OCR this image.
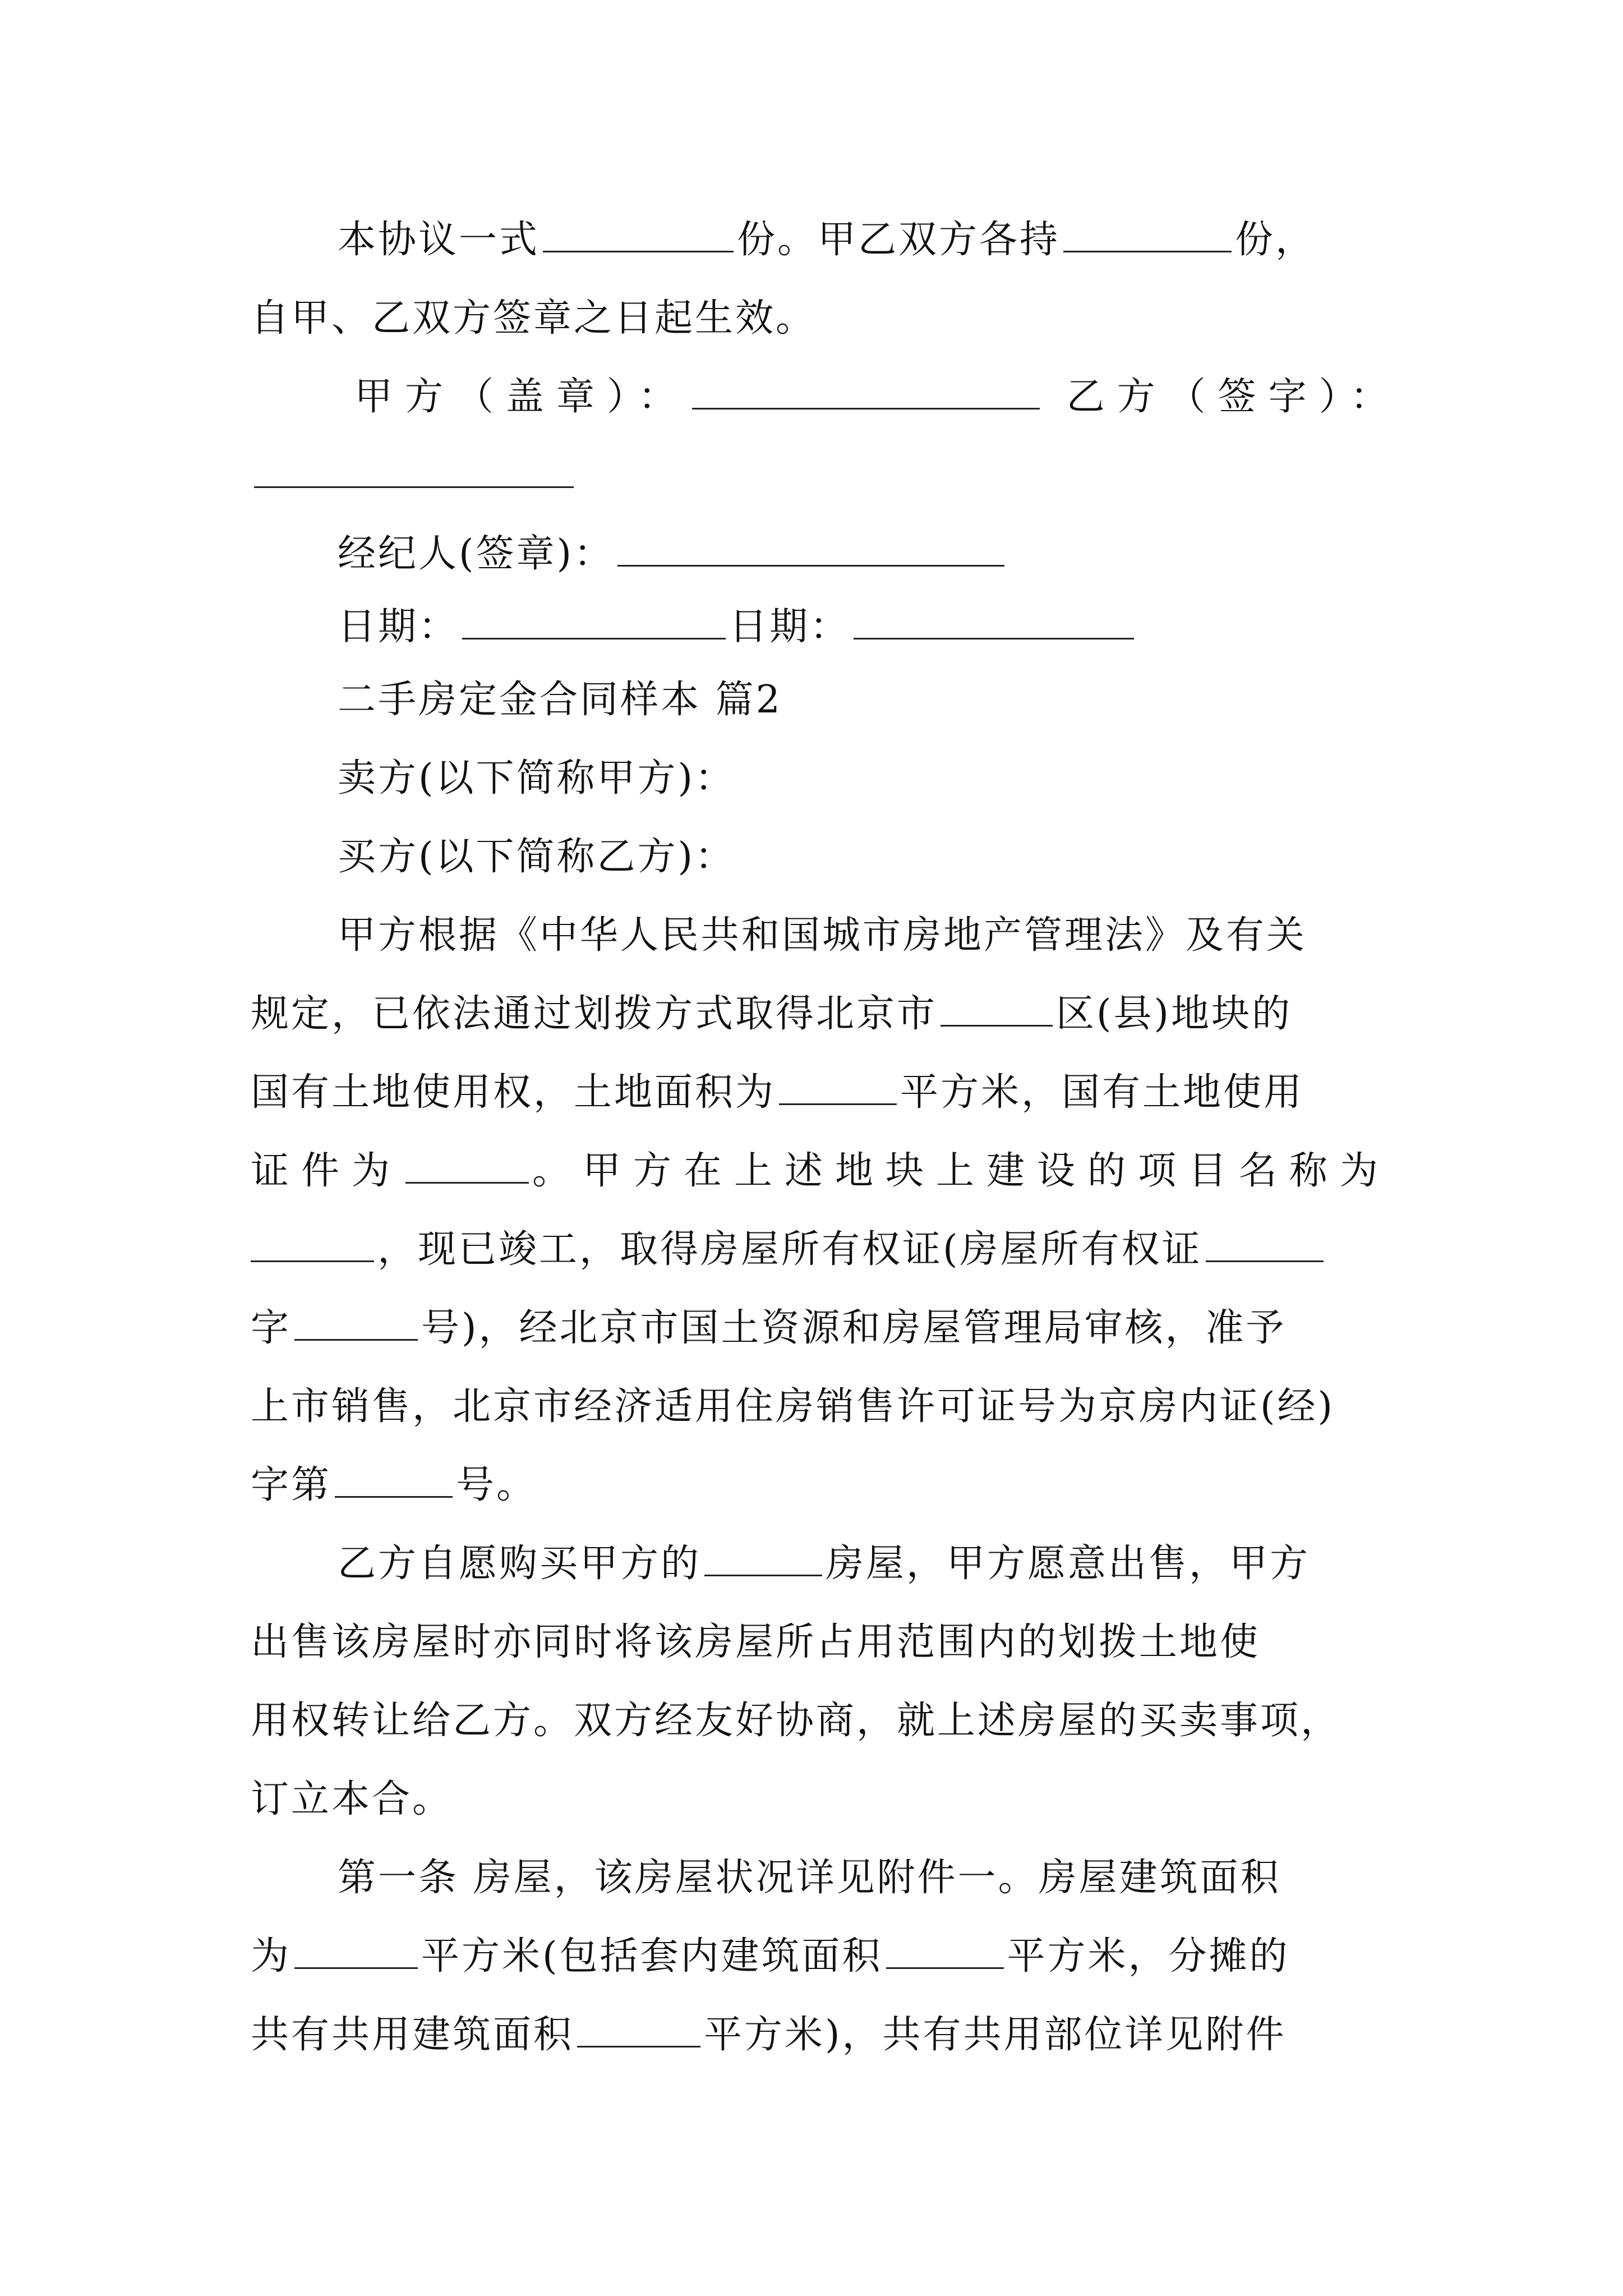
本协议一式	份。甲乙双方各持	份，
自甲、乙双方签章之日起生效。
甲方（盖章）：	乙方（签字）：
经纪人(签章)：
日期：	日期：
二手房定金合同样本 篇2
卖方(以下简称甲方)：
买方(以下简称乙方)：
甲方根据《中华人民共和国城市房地产管理法》及有关
规定，已依法通过划拨方式取得北京市	区(县)地块的
国有土地使用权，土地面积为	平方米，国有土地使用
证件为	。甲方在上述地块上建设的项目名称为
，现已竣工，取得房屋所有权证(房屋所有权证
字	号)，经北京市国土资源和房屋管理局审核，准予
上市销售，北京市经济适用住房销售许可证号为京房内证(经)
字第	号。
乙方自愿购买甲方的	房屋，甲方愿意出售，甲方
出售该房屋时亦同时将该房屋所占用范围内的划拨土地使
用权转让给乙方。双方经友好协商，就上述房屋的买卖事项，
订立本合。
第一条 房屋，该房屋状况详见附件一。房屋建筑面积
为	平方米(包括套内建筑面积	平方米，分摊的
共有共用建筑面积	平方米)，共有共用部位详见附件
